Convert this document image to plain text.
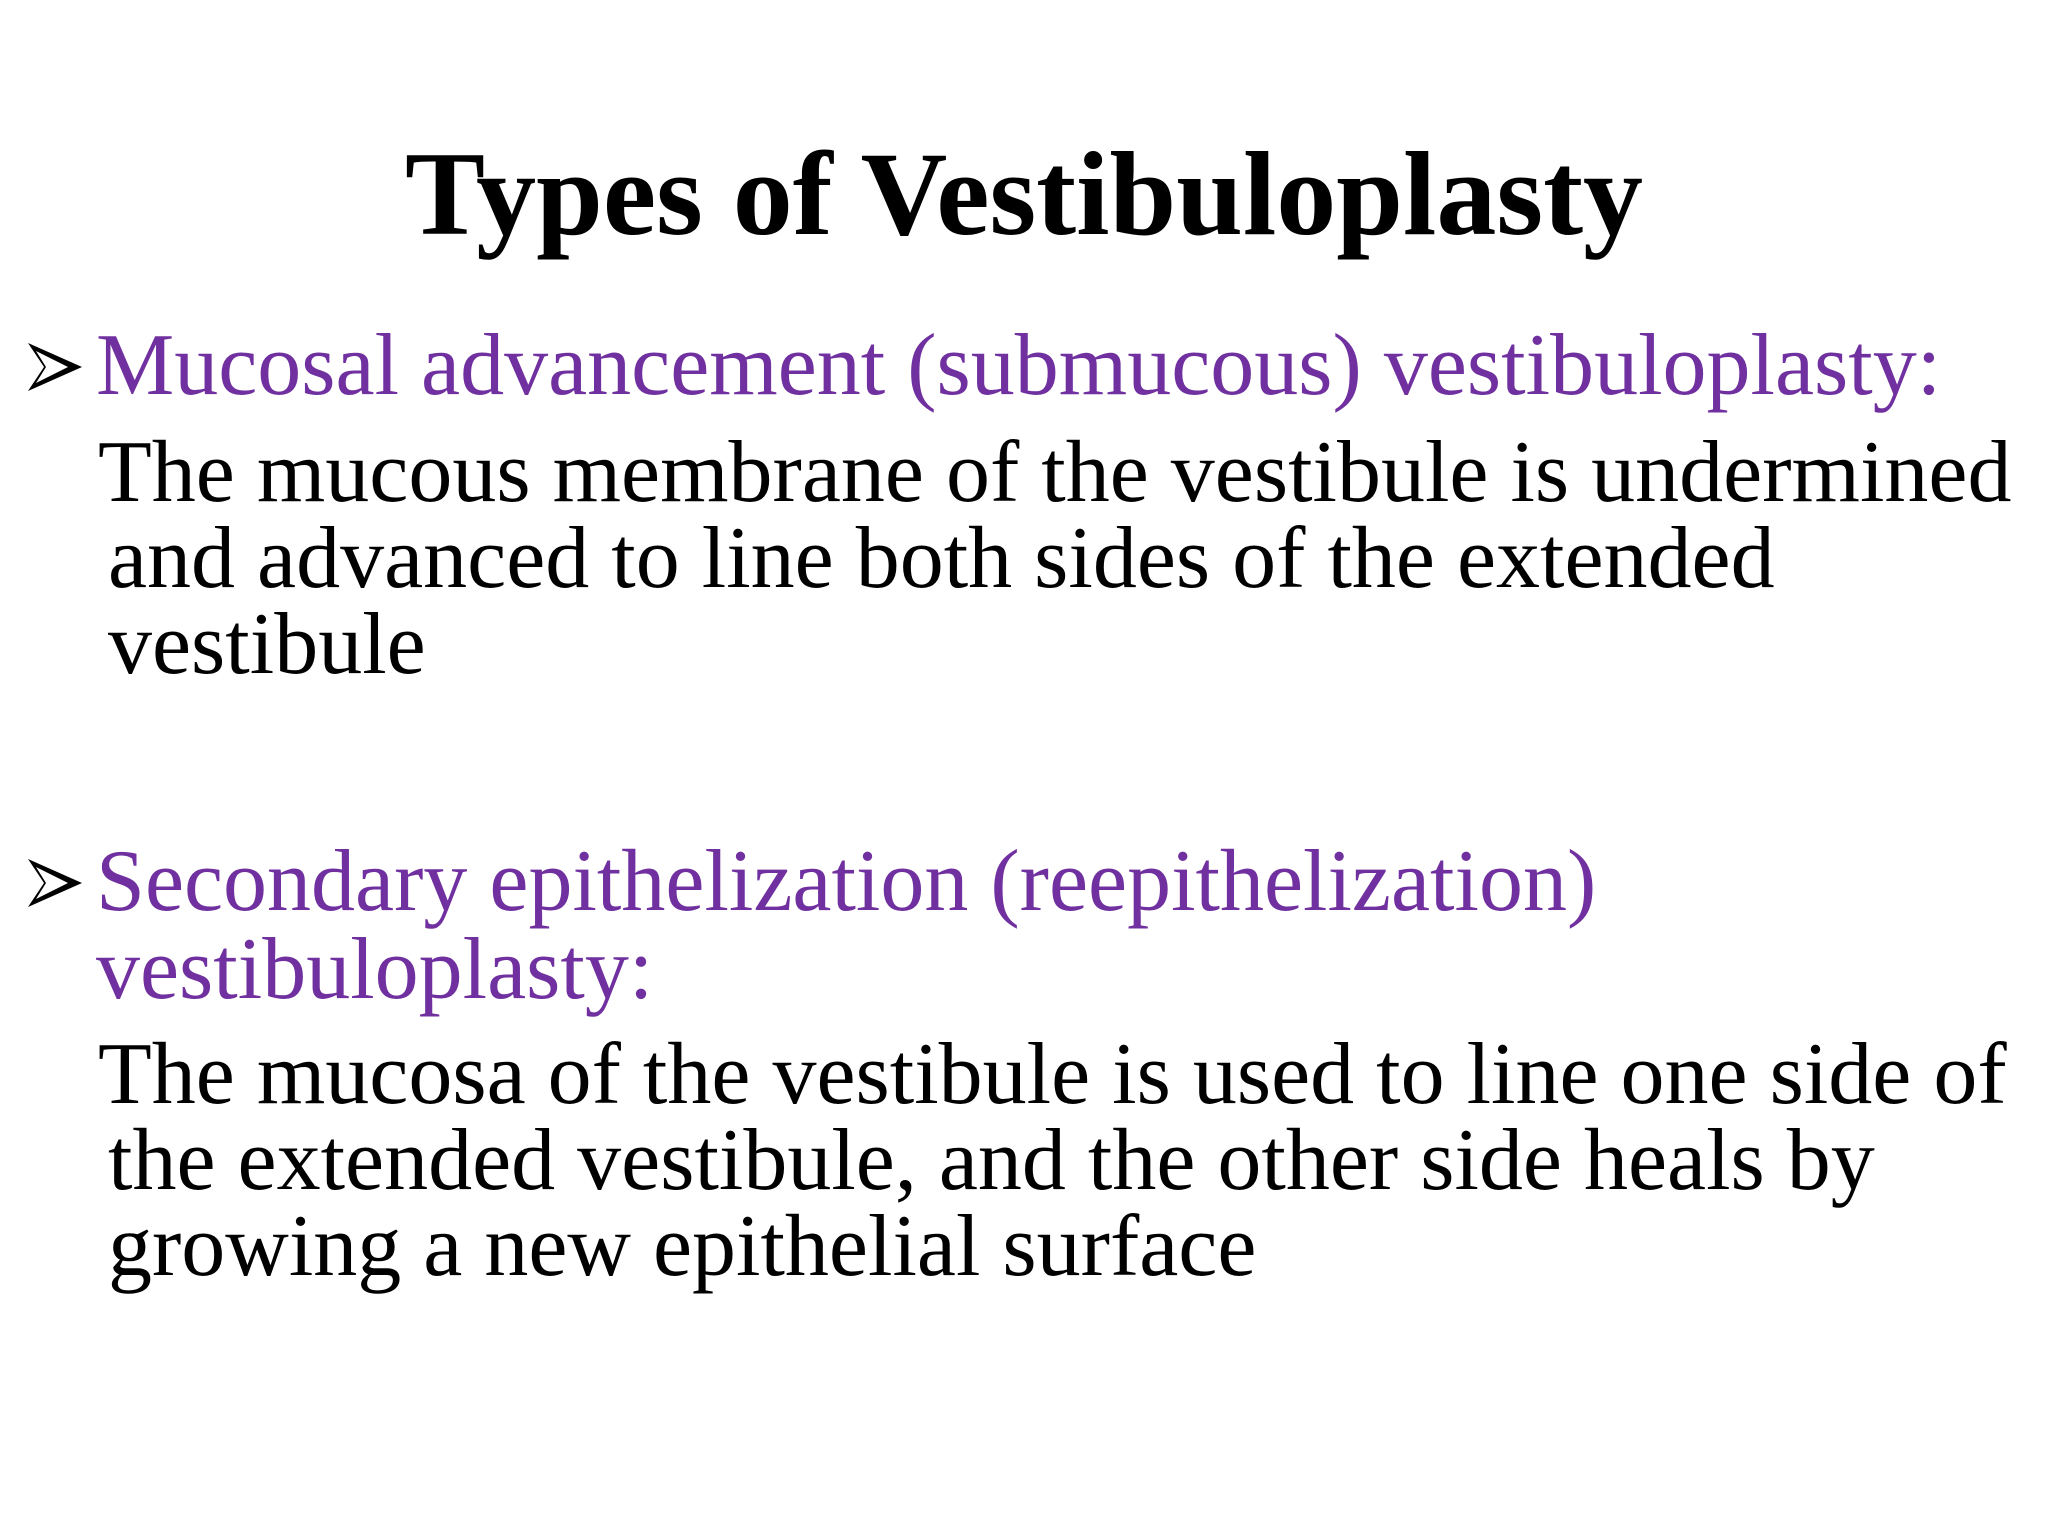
Types of Vestibuloplasty
Mucosal advancement (submucous) vestibuloplasty:
The mucous membrane of the vestibule is undermined and advanced to line both sides of the extended vestibule
Secondary epithelization (reepithelization) vestibuloplasty:
The mucosa of the vestibule is used to line one side of the extended vestibule, and the other side heals by growing a new epithelial surface
